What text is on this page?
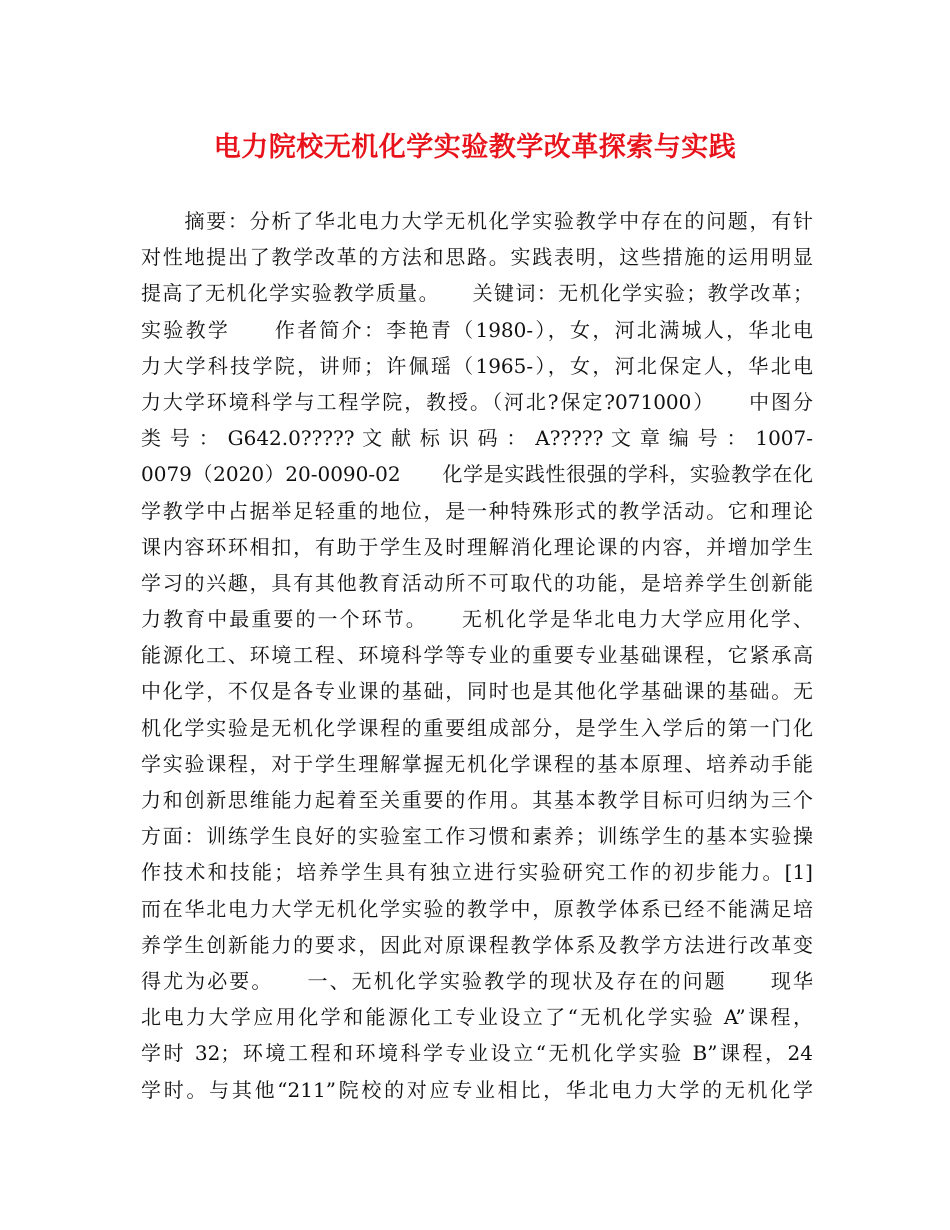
电力院校无机化学实验教学改革探索与实践
　　摘要：分析了华北电力大学无机化学实验教学中存在的问题，有针
对性地提出了教学改革的方法和思路。实践表明，这些措施的运用明显
提高了无机化学实验教学质量。　　关键词：无机化学实验；教学改革；
实验教学　　作者简介：李艳青（1980-），女，河北满城人，华北电
力大学科技学院，讲师；许佩瑶（1965-），女，河北保定人，华北电
力大学环境科学与工程学院，教授。（河北?保定?071000）　　中图分
类 号 ： G642.0????? 文 献 标 识 码 ： A????? 文 章 编 号 ： 1007-
0079（2020）20-0090-02　　化学是实践性很强的学科，实验教学在化
学教学中占据举足轻重的地位，是一种特殊形式的教学活动。它和理论
课内容环环相扣，有助于学生及时理解消化理论课的内容，并增加学生
学习的兴趣，具有其他教育活动所不可取代的功能，是培养学生创新能
力教育中最重要的一个环节。　　无机化学是华北电力大学应用化学、
能源化工、环境工程、环境科学等专业的重要专业基础课程，它紧承高
中化学，不仅是各专业课的基础，同时也是其他化学基础课的基础。无
机化学实验是无机化学课程的重要组成部分，是学生入学后的第一门化
学实验课程，对于学生理解掌握无机化学课程的基本原理、培养动手能
力和创新思维能力起着至关重要的作用。其基本教学目标可归纳为三个
方面：训练学生良好的实验室工作习惯和素养；训练学生的基本实验操
作技术和技能；培养学生具有独立进行实验研究工作的初步能力。[1]
而在华北电力大学无机化学实验的教学中，原教学体系已经不能满足培
养学生创新能力的要求，因此对原课程教学体系及教学方法进行改革变
得尤为必要。　　一、无机化学实验教学的现状及存在的问题　　现华
北电力大学应用化学和能源化工专业设立了“无机化学实验 A”课程，
学时 32；环境工程和环境科学专业设立“无机化学实验 B”课程，24
学时。与其他“211”院校的对应专业相比，华北电力大学的无机化学
